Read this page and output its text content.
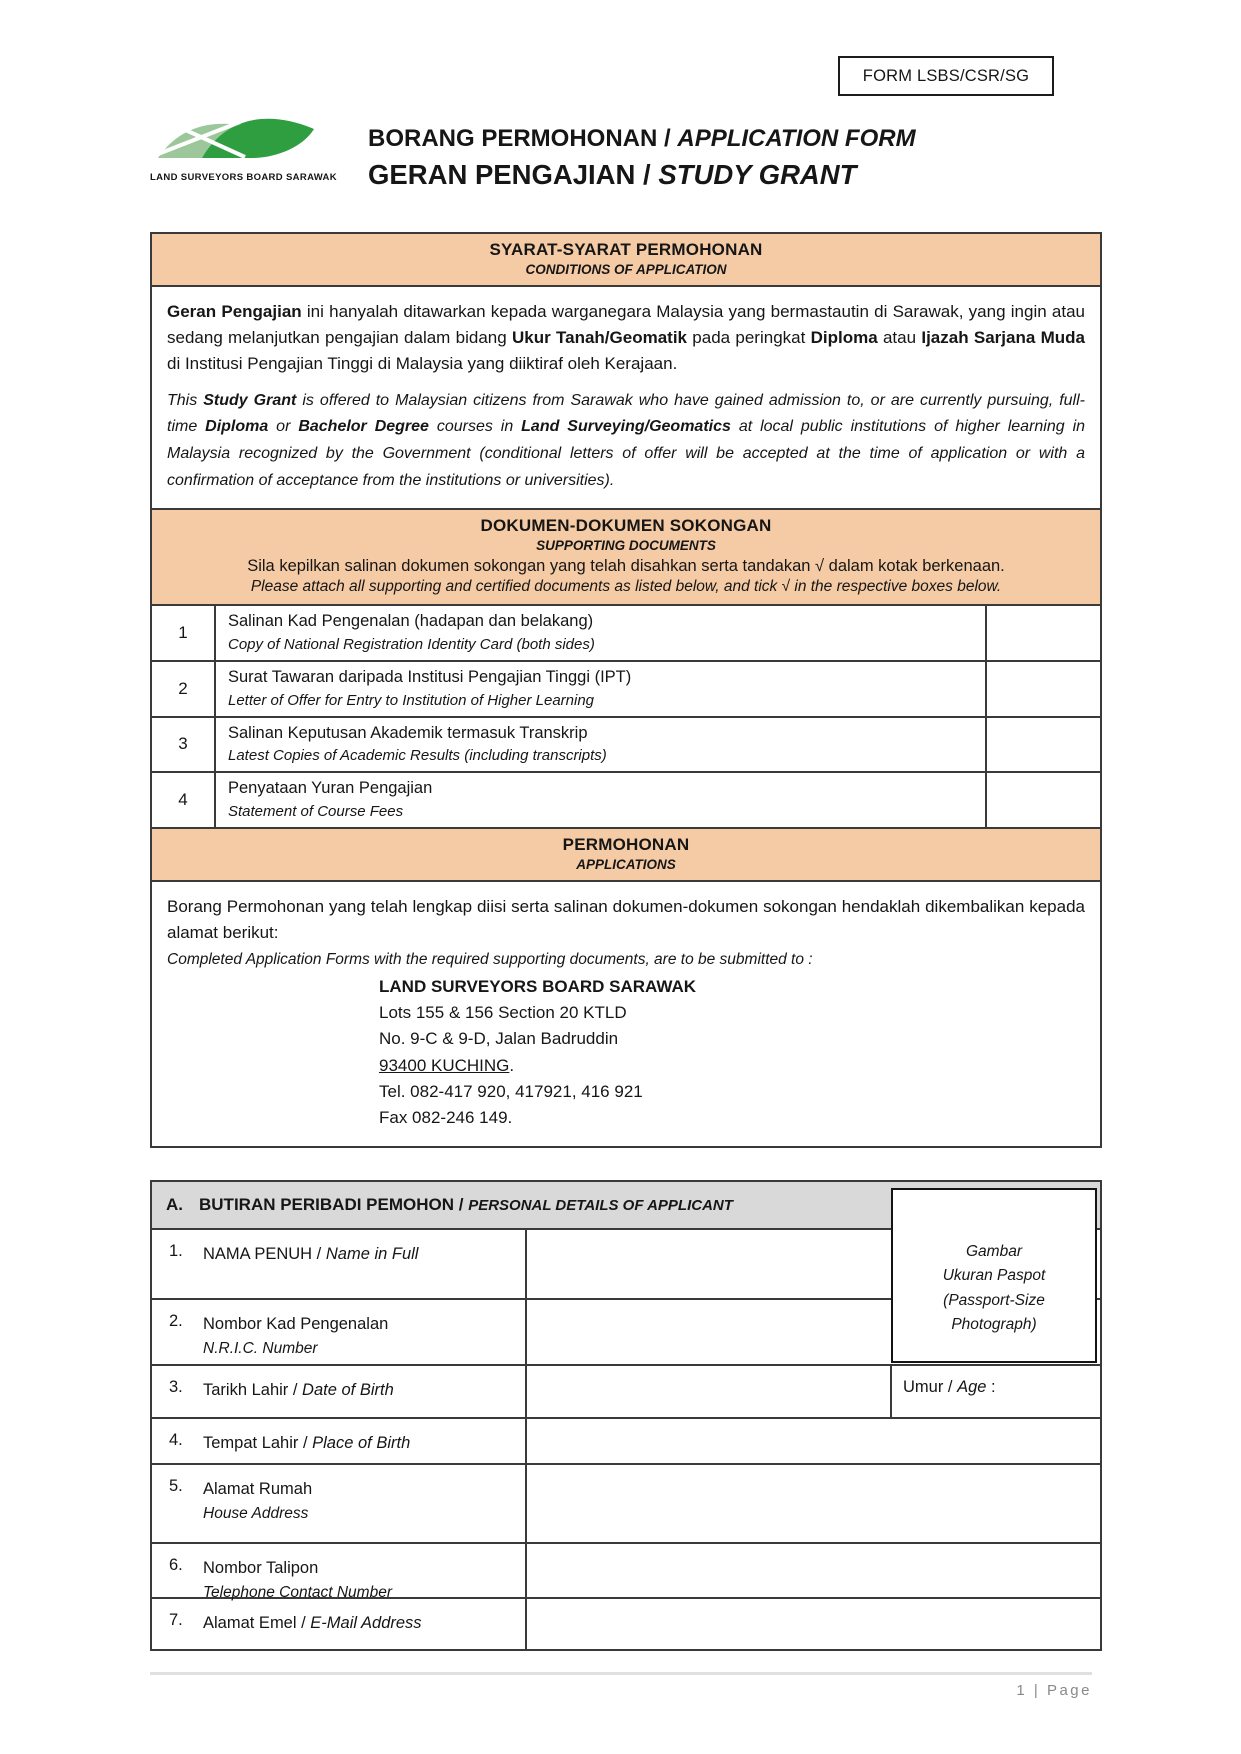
FORM LSBS/CSR/SG
LAND SURVEYORS BOARD SARAWAK
BORANG PERMOHONAN / APPLICATION FORM
GERAN PENGAJIAN / STUDY GRANT
SYARAT-SYARAT PERMOHONAN
CONDITIONS OF APPLICATION
Geran Pengajian ini hanyalah ditawarkan kepada warganegara Malaysia yang bermastautin di Sarawak, yang ingin atau sedang melanjutkan pengajian dalam bidang Ukur Tanah/Geomatik pada peringkat Diploma atau Ijazah Sarjana Muda di Institusi Pengajian Tinggi di Malaysia yang diiktiraf oleh Kerajaan.
This Study Grant is offered to Malaysian citizens from Sarawak who have gained admission to, or are currently pursuing, full-time Diploma or Bachelor Degree courses in Land Surveying/Geomatics at local public institutions of higher learning in Malaysia recognized by the Government (conditional letters of offer will be accepted at the time of application or with a confirmation of acceptance from the institutions or universities).
DOKUMEN-DOKUMEN SOKONGAN
SUPPORTING DOCUMENTS
Sila kepilkan salinan dokumen sokongan yang telah disahkan serta tandakan √ dalam kotak berkenaan.
Please attach all supporting and certified documents as listed below, and tick √ in the respective boxes below.
1
Salinan Kad Pengenalan (hadapan dan belakang)
Copy of National Registration Identity Card (both sides)
2
Surat Tawaran daripada Institusi Pengajian Tinggi (IPT)
Letter of Offer for Entry to Institution of Higher Learning
3
Salinan Keputusan Akademik termasuk Transkrip
Latest Copies of Academic Results (including transcripts)
4
Penyataan Yuran Pengajian
Statement of Course Fees
PERMOHONAN
APPLICATIONS
Borang Permohonan yang telah lengkap diisi serta salinan dokumen-dokumen sokongan hendaklah dikembalikan kepada alamat berikut:
Completed Application Forms with the required supporting documents, are to be submitted to :
LAND SURVEYORS BOARD SARAWAK
Lots 155 & 156 Section 20 KTLD
No. 9-C & 9-D, Jalan Badruddin
93400 KUCHING.
Tel. 082-417 920, 417921, 416 921
Fax 082-246 149.
A. BUTIRAN PERIBADI PEMOHON / PERSONAL DETAILS OF APPLICANT
Gambar
Ukuran Paspot
(Passport-Size
Photograph)
1.	NAMA PENUH / Name in Full
2.	Nombor Kad Pengenalan
N.R.I.C. Number
3.	Tarikh Lahir / Date of Birth	Umur / Age :
4.	Tempat Lahir / Place of Birth
5.	Alamat Rumah
House Address
6.	Nombor Talipon
Telephone Contact Number
7.	Alamat Emel / E-Mail Address
1 | Page
